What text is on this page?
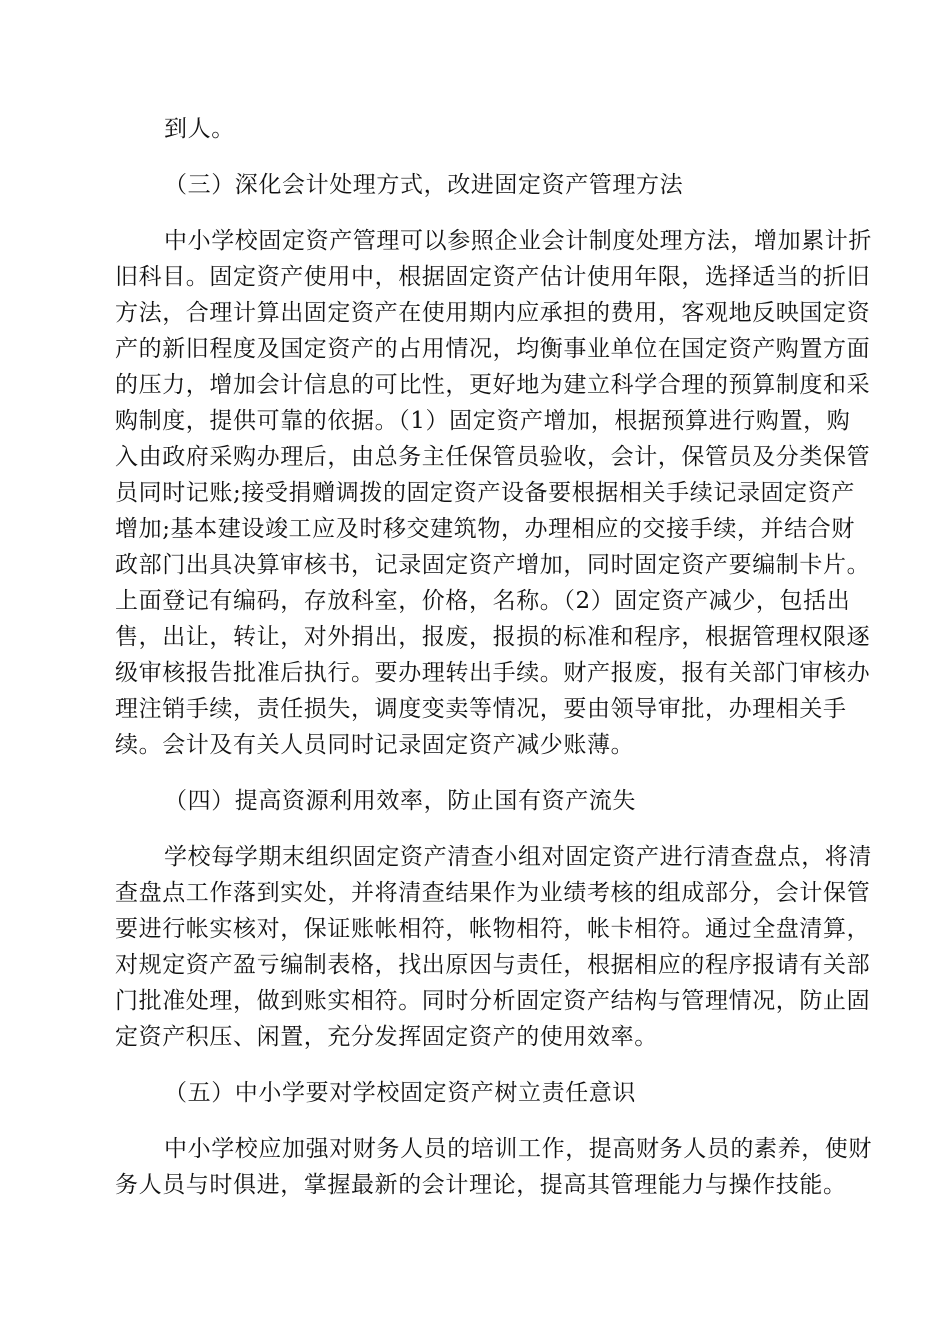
到人。
（三）深化会计处理方式，改进固定资产管理方法
中小学校固定资产管理可以参照企业会计制度处理方法，增加累计折
旧科目。固定资产使用中，根据固定资产估计使用年限，选择适当的折旧
方法，合理计算出固定资产在使用期内应承担的费用，客观地反映国定资
产的新旧程度及国定资产的占用情况，均衡事业单位在国定资产购置方面
的压力，增加会计信息的可比性，更好地为建立科学合理的预算制度和采
购制度，提供可靠的依据。（1）固定资产增加，根据预算进行购置，购
入由政府采购办理后，由总务主任保管员验收，会计，保管员及分类保管
员同时记账;接受捐赠调拨的固定资产设备要根据相关手续记录固定资产
增加;基本建设竣工应及时移交建筑物，办理相应的交接手续，并结合财
政部门出具决算审核书，记录固定资产增加，同时固定资产要编制卡片。
上面登记有编码，存放科室，价格，名称。（2）固定资产减少，包括出
售，出让，转让，对外捐出，报废，报损的标准和程序，根据管理权限逐
级审核报告批准后执行。要办理转出手续。财产报废，报有关部门审核办
理注销手续，责任损失，调度变卖等情况，要由领导审批，办理相关手
续。会计及有关人员同时记录固定资产减少账薄。
（四）提高资源利用效率，防止国有资产流失
学校每学期末组织固定资产清查小组对固定资产进行清查盘点，将清
查盘点工作落到实处，并将清查结果作为业绩考核的组成部分，会计保管
要进行帐实核对，保证账帐相符，帐物相符，帐卡相符。通过全盘清算，
对规定资产盈亏编制表格，找出原因与责任，根据相应的程序报请有关部
门批准处理，做到账实相符。同时分析固定资产结构与管理情况，防止固
定资产积压、闲置，充分发挥固定资产的使用效率。
（五）中小学要对学校固定资产树立责任意识
中小学校应加强对财务人员的培训工作，提高财务人员的素养，使财
务人员与时俱进，掌握最新的会计理论，提高其管理能力与操作技能。
